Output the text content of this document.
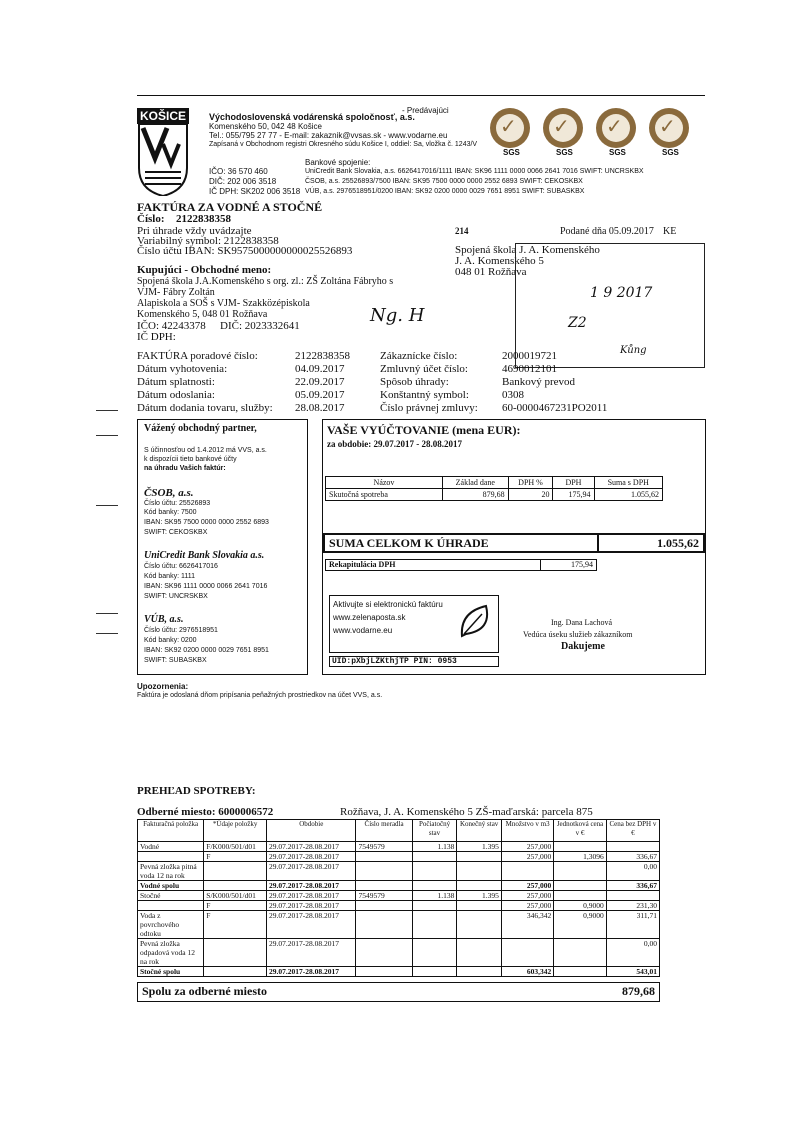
KOŠICE	Východoslovenská vodárenská spoločnosť, a.s.
- Predávajúci
Komenského 50, 042 48 Košice
Tel.: 055/795 27 77 - E-mail: zakaznik@vvsas.sk - www.vodarne.eu
Zapísaná v Obchodnom registri Okresného súdu Košice I, oddiel: Sa, vložka č. 1243/V
IČO: 36 570 460
DIČ: 202 006 3518
IČ DPH: SK202 006 3518
Bankové spojenie:
UniCredit Bank Slovakia, a.s. 6626417016/1111 IBAN: SK96 1111 0000 0066 2641 7016 SWIFT: UNCRSKBX
ČSOB, a.s. 25526893/7500 IBAN: SK95 7500 0000 0000 2552 6893 SWIFT: CEKOSKBX
VÚB, a.s. 2976518951/0200 IBAN: SK92 0200 0000 0029 7651 8951 SWIFT: SUBASKBX
✓
SGS
✓
SGS
✓
SGS
✓
SGS
FAKTÚRA ZA VODNÉ A STOČNÉ
Číslo: 2122838358
Pri úhrade vždy uvádzajte
Variabilný symbol: 2122838358
Číslo účtu IBAN: SK9575000000000025526893
214	Podané dňa 05.09.2017 KE
Spojená škola J. A. Komenského
J. A. Komenského 5
048 01 Rožňava
1 9 2017
Z2
Kůng
Kupujúci - Obchodné meno:
Spojená škola J.A.Komenského s org. zl.: ZŠ Zoltána Fábryho s
VJM- Fábry Zoltán
Alapiskola a SOŠ s VJM- Szakközépiskola
Komenského 5, 048 01 Rožňava
IČO: 42243378 DIČ: 2023332641
IČ DPH:
Ng. H
FAKTÚRA poradové číslo:	2122838358
Dátum vyhotovenia:	04.09.2017
Dátum splatnosti:	22.09.2017
Dátum odoslania:	05.09.2017
Dátum dodania tovaru, služby: 28.08.2017
Zákaznícke číslo:	2000019721
Zmluvný účet číslo:	4690012101
Spôsob úhrady:	Bankový prevod
Konštantný symbol:	0308
Číslo právnej zmluvy: 60-0000467231PO2011
Vážený obchodný partner,
S účinnosťou od 1.4.2012 má VVS, a.s.
k dispozícii tieto bankové účty
na úhradu Vašich faktúr:
ČSOB, a.s.
Číslo účtu: 25526893
Kód banky: 7500
IBAN: SK95 7500 0000 0000 2552 6893
SWIFT: CEKOSKBX
UniCredit Bank Slovakia a.s.
Číslo účtu: 6626417016
Kód banky: 1111
IBAN: SK96 1111 0000 0066 2641 7016
SWIFT: UNCRSKBX
VÚB, a.s.
Číslo účtu: 2976518951
Kód banky: 0200
IBAN: SK92 0200 0000 0029 7651 8951
SWIFT: SUBASKBX
VAŠE VYÚČTOVANIE (mena EUR):
za obdobie: 29.07.2017 - 28.08.2017
Názov	Základ dane	DPH %	DPH	Suma s DPH
Skutočná spotreba	879,68	20	175,94	1.055,62
SUMA CELKOM K ÚHRADE	1.055,62
Rekapitulácia DPH	175,94
Aktivujte si elektronickú faktúru
www.zelenaposta.sk
www.vodarne.eu
UID:pXbjLZKthjTP PIN: 0953
Ing. Dana Lachová
Vedúca úseku služieb zákazníkom
Dakujeme
Upozornenia:
Faktúra je odoslaná dňom pripísania peňažných prostriedkov na účet VVS, a.s.
PREHĽAD SPOTREBY:
Odberné miesto: 6000006572	Rožňava, J. A. Komenského 5 ZŠ-maďarská: parcela 875
Fakturačná položka	*Údaje položky	Obdobie	Číslo meradla	Počiatočný stav	Konečný stav	Množstvo v m3	Jednotková cena v €	Cena bez DPH v €
Vodné	F/K000/501/d01	29.07.2017-28.08.2017	7549579	1.138	1.395	257,000		
	F	29.07.2017-28.08.2017				257,000	1,3096	336,67
Pevná zložka pitná voda 12 na rok		29.07.2017-28.08.2017						0,00
Vodné spolu		29.07.2017-28.08.2017				257,000		336,67
Stočné	S/K000/501/d01	29.07.2017-28.08.2017	7549579	1.138	1.395	257,000		
	F	29.07.2017-28.08.2017				257,000	0,9000	231,30
Voda z povrchového odtoku	F	29.07.2017-28.08.2017				346,342	0,9000	311,71
Pevná zložka odpadová voda 12 na rok		29.07.2017-28.08.2017						0,00
Stočné spolu		29.07.2017-28.08.2017				603,342		543,01
Spolu za odberné miesto	879,68
